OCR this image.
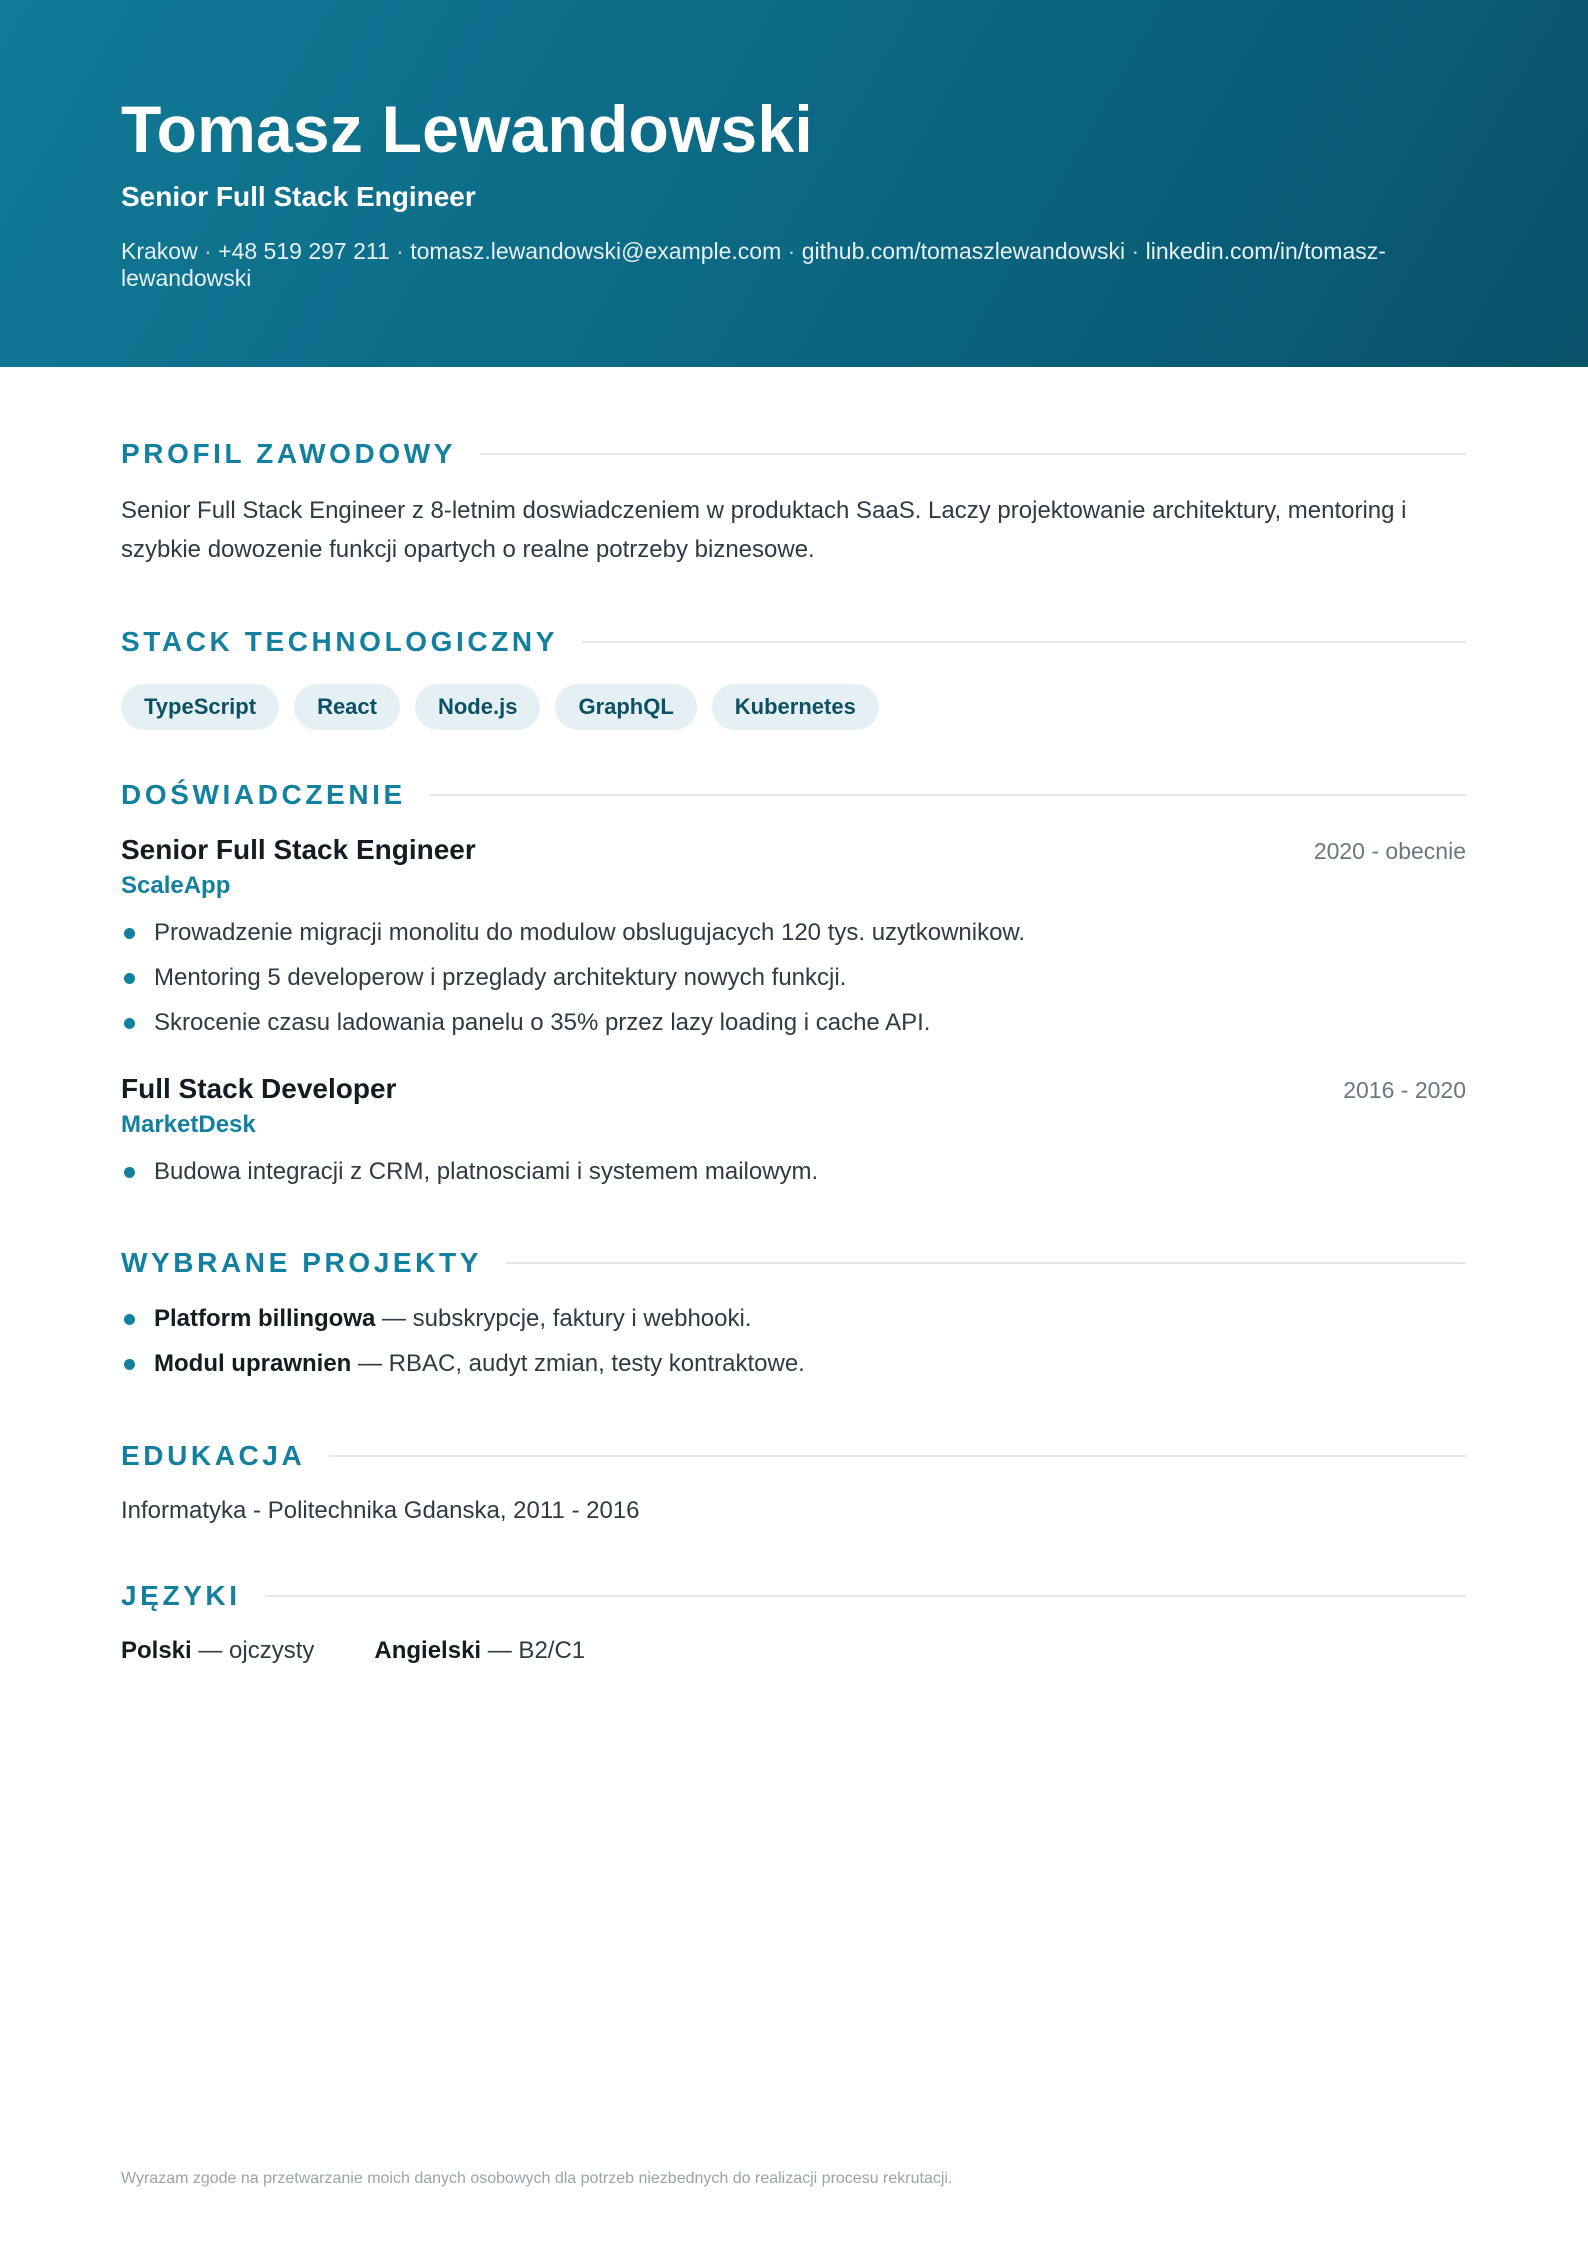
Tomasz Lewandowski
Senior Full Stack Engineer
Krakow · +48 519 297 211 · tomasz.lewandowski@example.com · github.com/tomaszlewandowski · linkedin.com/in/tomasz-lewandowski
PROFIL ZAWODOWY
Senior Full Stack Engineer z 8-letnim doswiadczeniem w produktach SaaS. Laczy projektowanie architektury, mentoring i szybkie dowozenie funkcji opartych o realne potrzeby biznesowe.
STACK TECHNOLOGICZNY
TypeScript	React	Node.js	GraphQL	Kubernetes
DOŚWIADCZENIE
Senior Full Stack Engineer	2020 - obecnie
ScaleApp
Prowadzenie migracji monolitu do modulow obslugujacych 120 tys. uzytkownikow.
Mentoring 5 developerow i przeglady architektury nowych funkcji.
Skrocenie czasu ladowania panelu o 35% przez lazy loading i cache API.
Full Stack Developer	2016 - 2020
MarketDesk
Budowa integracji z CRM, platnosciami i systemem mailowym.
WYBRANE PROJEKTY
Platform billingowa — subskrypcje, faktury i webhooki.
Modul uprawnien — RBAC, audyt zmian, testy kontraktowe.
EDUKACJA
Informatyka - Politechnika Gdanska, 2011 - 2016
JĘZYKI
Polski — ojczysty	Angielski — B2/C1
Wyrazam zgode na przetwarzanie moich danych osobowych dla potrzeb niezbednych do realizacji procesu rekrutacji.
